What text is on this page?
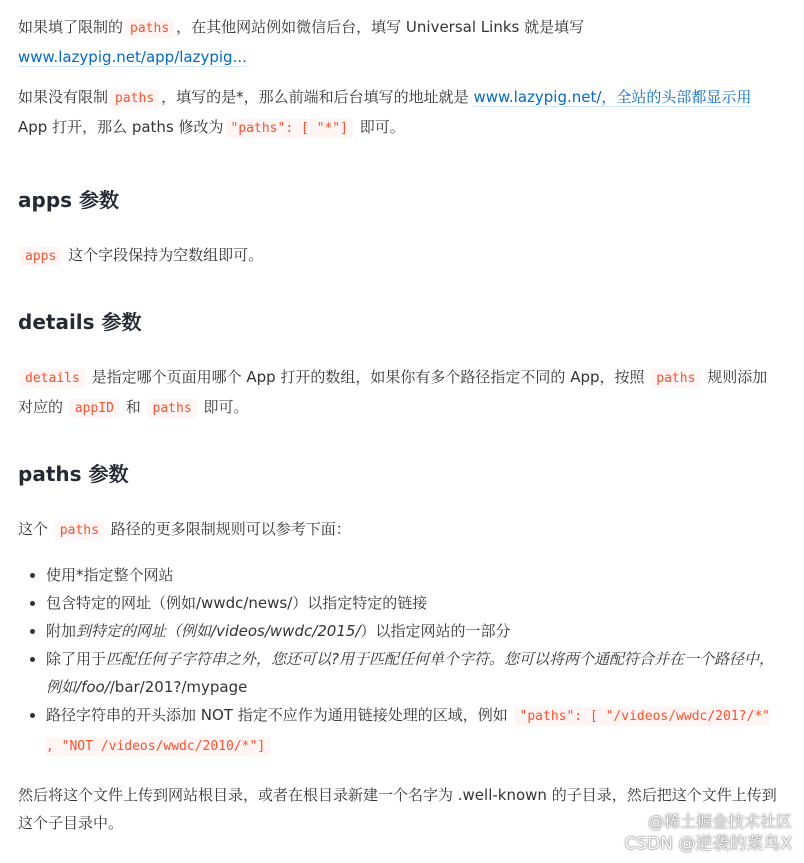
如果填了限制的 paths ，在其他网站例如微信后台，填写 Universal Links 就是填写
www.lazypig.net/app/lazypig...

如果没有限制 paths ，填写的是*，那么前端和后台填写的地址就是 www.lazypig.net/，全站的头部都显示用 App 打开，那么 paths 修改为 "paths": [ "*"] 即可。

apps 参数

apps 这个字段保持为空数组即可。

details 参数

details 是指定哪个页面用哪个 App 打开的数组，如果你有多个路径指定不同的 App，按照 paths 规则添加对应的 appID 和 paths 即可。

paths 参数

这个 paths 路径的更多限制规则可以参考下面：

• 使用*指定整个网站
• 包含特定的网址（例如/wwdc/news/）以指定特定的链接
• 附加到特定的网址（例如/videos/wwdc/2015/）以指定网站的一部分
• 除了用于匹配任何子字符串之外，您还可以?用于匹配任何单个字符。您可以将两个通配符合并在一个路径中，例如/foo//bar/201?/mypage
• 路径字符串的开头添加 NOT 指定不应作为通用链接处理的区域，例如 "paths": [ "/videos/wwdc/201?/*" , "NOT /videos/wwdc/2010/*"]

然后将这个文件上传到网站根目录，或者在根目录新建一个名字为 .well-known 的子目录，然后把这个文件上传到这个子目录中。	@稀土掘金技术社区
CSDN @逆袭的菜鸟X
